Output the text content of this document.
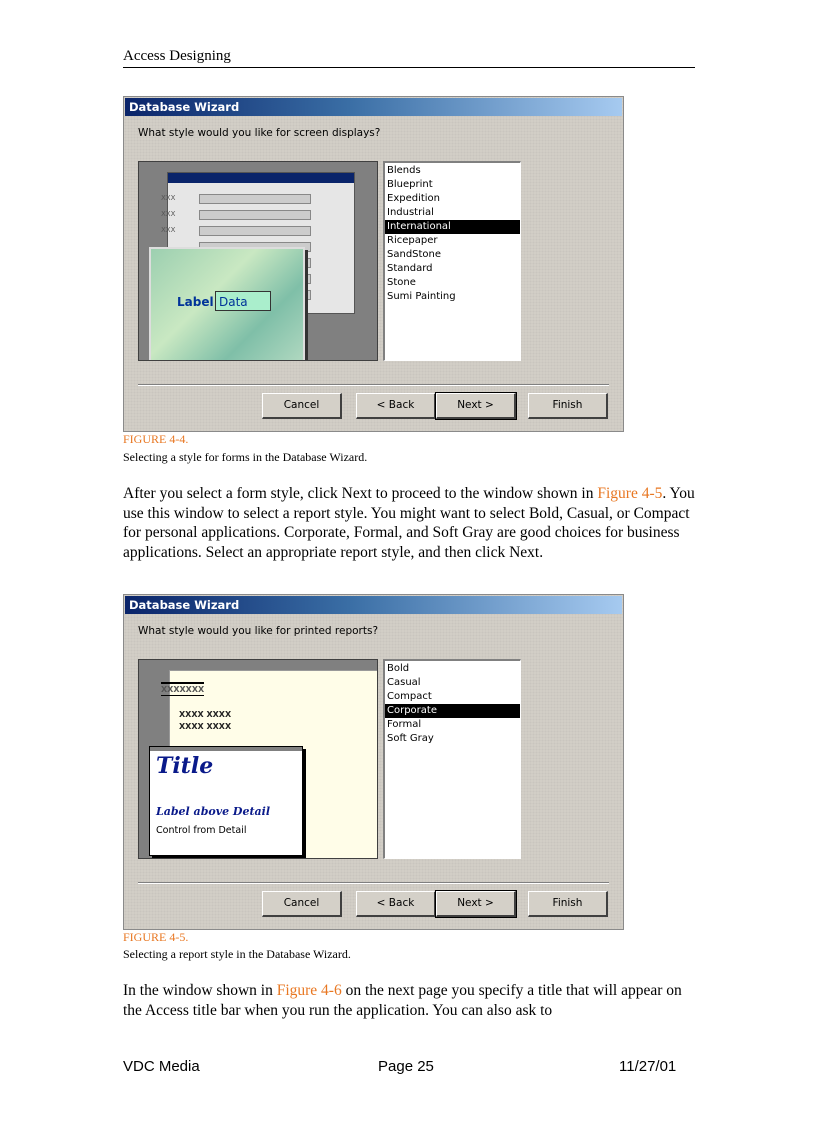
Access Designing
Database Wizard
What style would you like for screen displays?
XXX
XXX
XXX
Label Data
Blends
Blueprint
Expedition
Industrial
International
Ricepaper
SandStone
Standard
Stone
Sumi Painting
Cancel	< Back	Next >	Finish
FIGURE 4-4.
Selecting a style for forms in the Database Wizard.

After you select a form style, click Next to proceed to the window shown in Figure 4-5. You use this window to select a report style. You might want to select Bold, Casual, or Compact for personal applications. Corporate, Formal, and Soft Gray are good choices for business applications. Select an appropriate report style, and then click Next.

Database Wizard
What style would you like for printed reports?
XXXXXXX
XXXX XXXX
XXXX XXXX
Title
Label above Detail
Control from Detail
Bold
Casual
Compact
Corporate
Formal
Soft Gray
Cancel	< Back	Next >	Finish
FIGURE 4-5.
Selecting a report style in the Database Wizard.

In the window shown in Figure 4-6 on the next page you specify a title that will appear on the Access title bar when you run the application. You can also ask to

VDC Media	Page 25	11/27/01
